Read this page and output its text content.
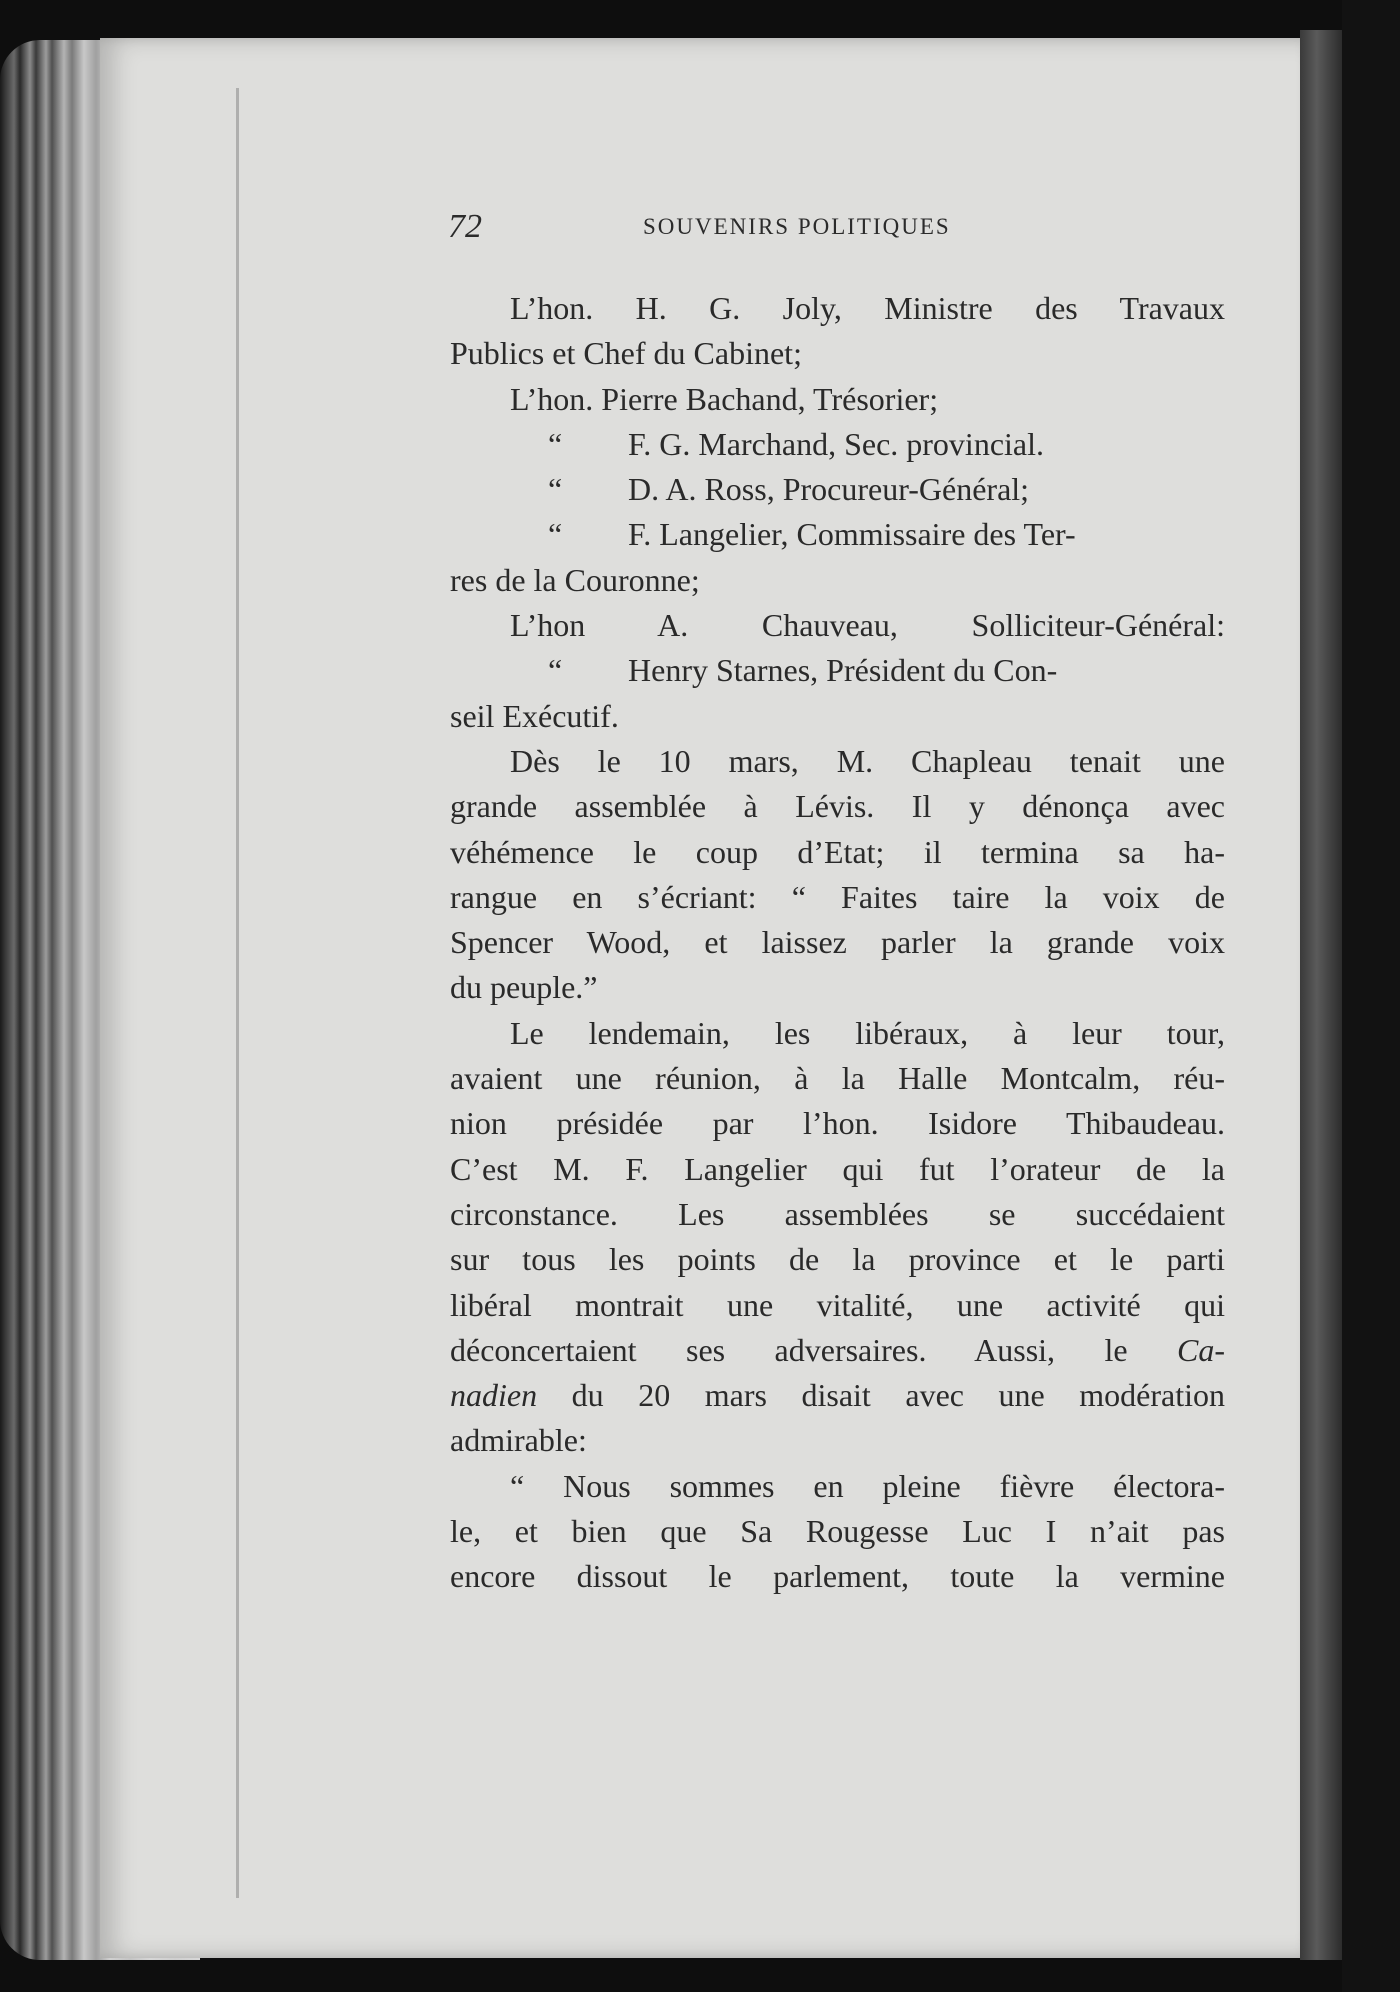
72	SOUVENIRS POLITIQUES
L’hon. H. G. Joly, Ministre des Travaux
Publics et Chef du Cabinet;
L’hon. Pierre Bachand, Trésorier;
“ F. G. Marchand, Sec. provincial.
“ D. A. Ross, Procureur-Général;
“ F. Langelier, Commissaire des Ter-
res de la Couronne;
L’hon A. Chauveau, Solliciteur-Général:
“ Henry Starnes, Président du Con-
seil Exécutif.
Dès le 10 mars, M. Chapleau tenait une
grande assemblée à Lévis. Il y dénonça avec
véhémence le coup d’Etat; il termina sa ha-
rangue en s’écriant: “ Faites taire la voix de
Spencer Wood, et laissez parler la grande voix
du peuple.”
Le lendemain, les libéraux, à leur tour,
avaient une réunion, à la Halle Montcalm, réu-
nion présidée par l’hon. Isidore Thibaudeau.
C’est M. F. Langelier qui fut l’orateur de la
circonstance. Les assemblées se succédaient
sur tous les points de la province et le parti
libéral montrait une vitalité, une activité qui
déconcertaient ses adversaires. Aussi, le Ca-
nadien du 20 mars disait avec une modération
admirable:
“ Nous sommes en pleine fièvre électora-
le, et bien que Sa Rougesse Luc I n’ait pas
encore dissout le parlement, toute la vermine
